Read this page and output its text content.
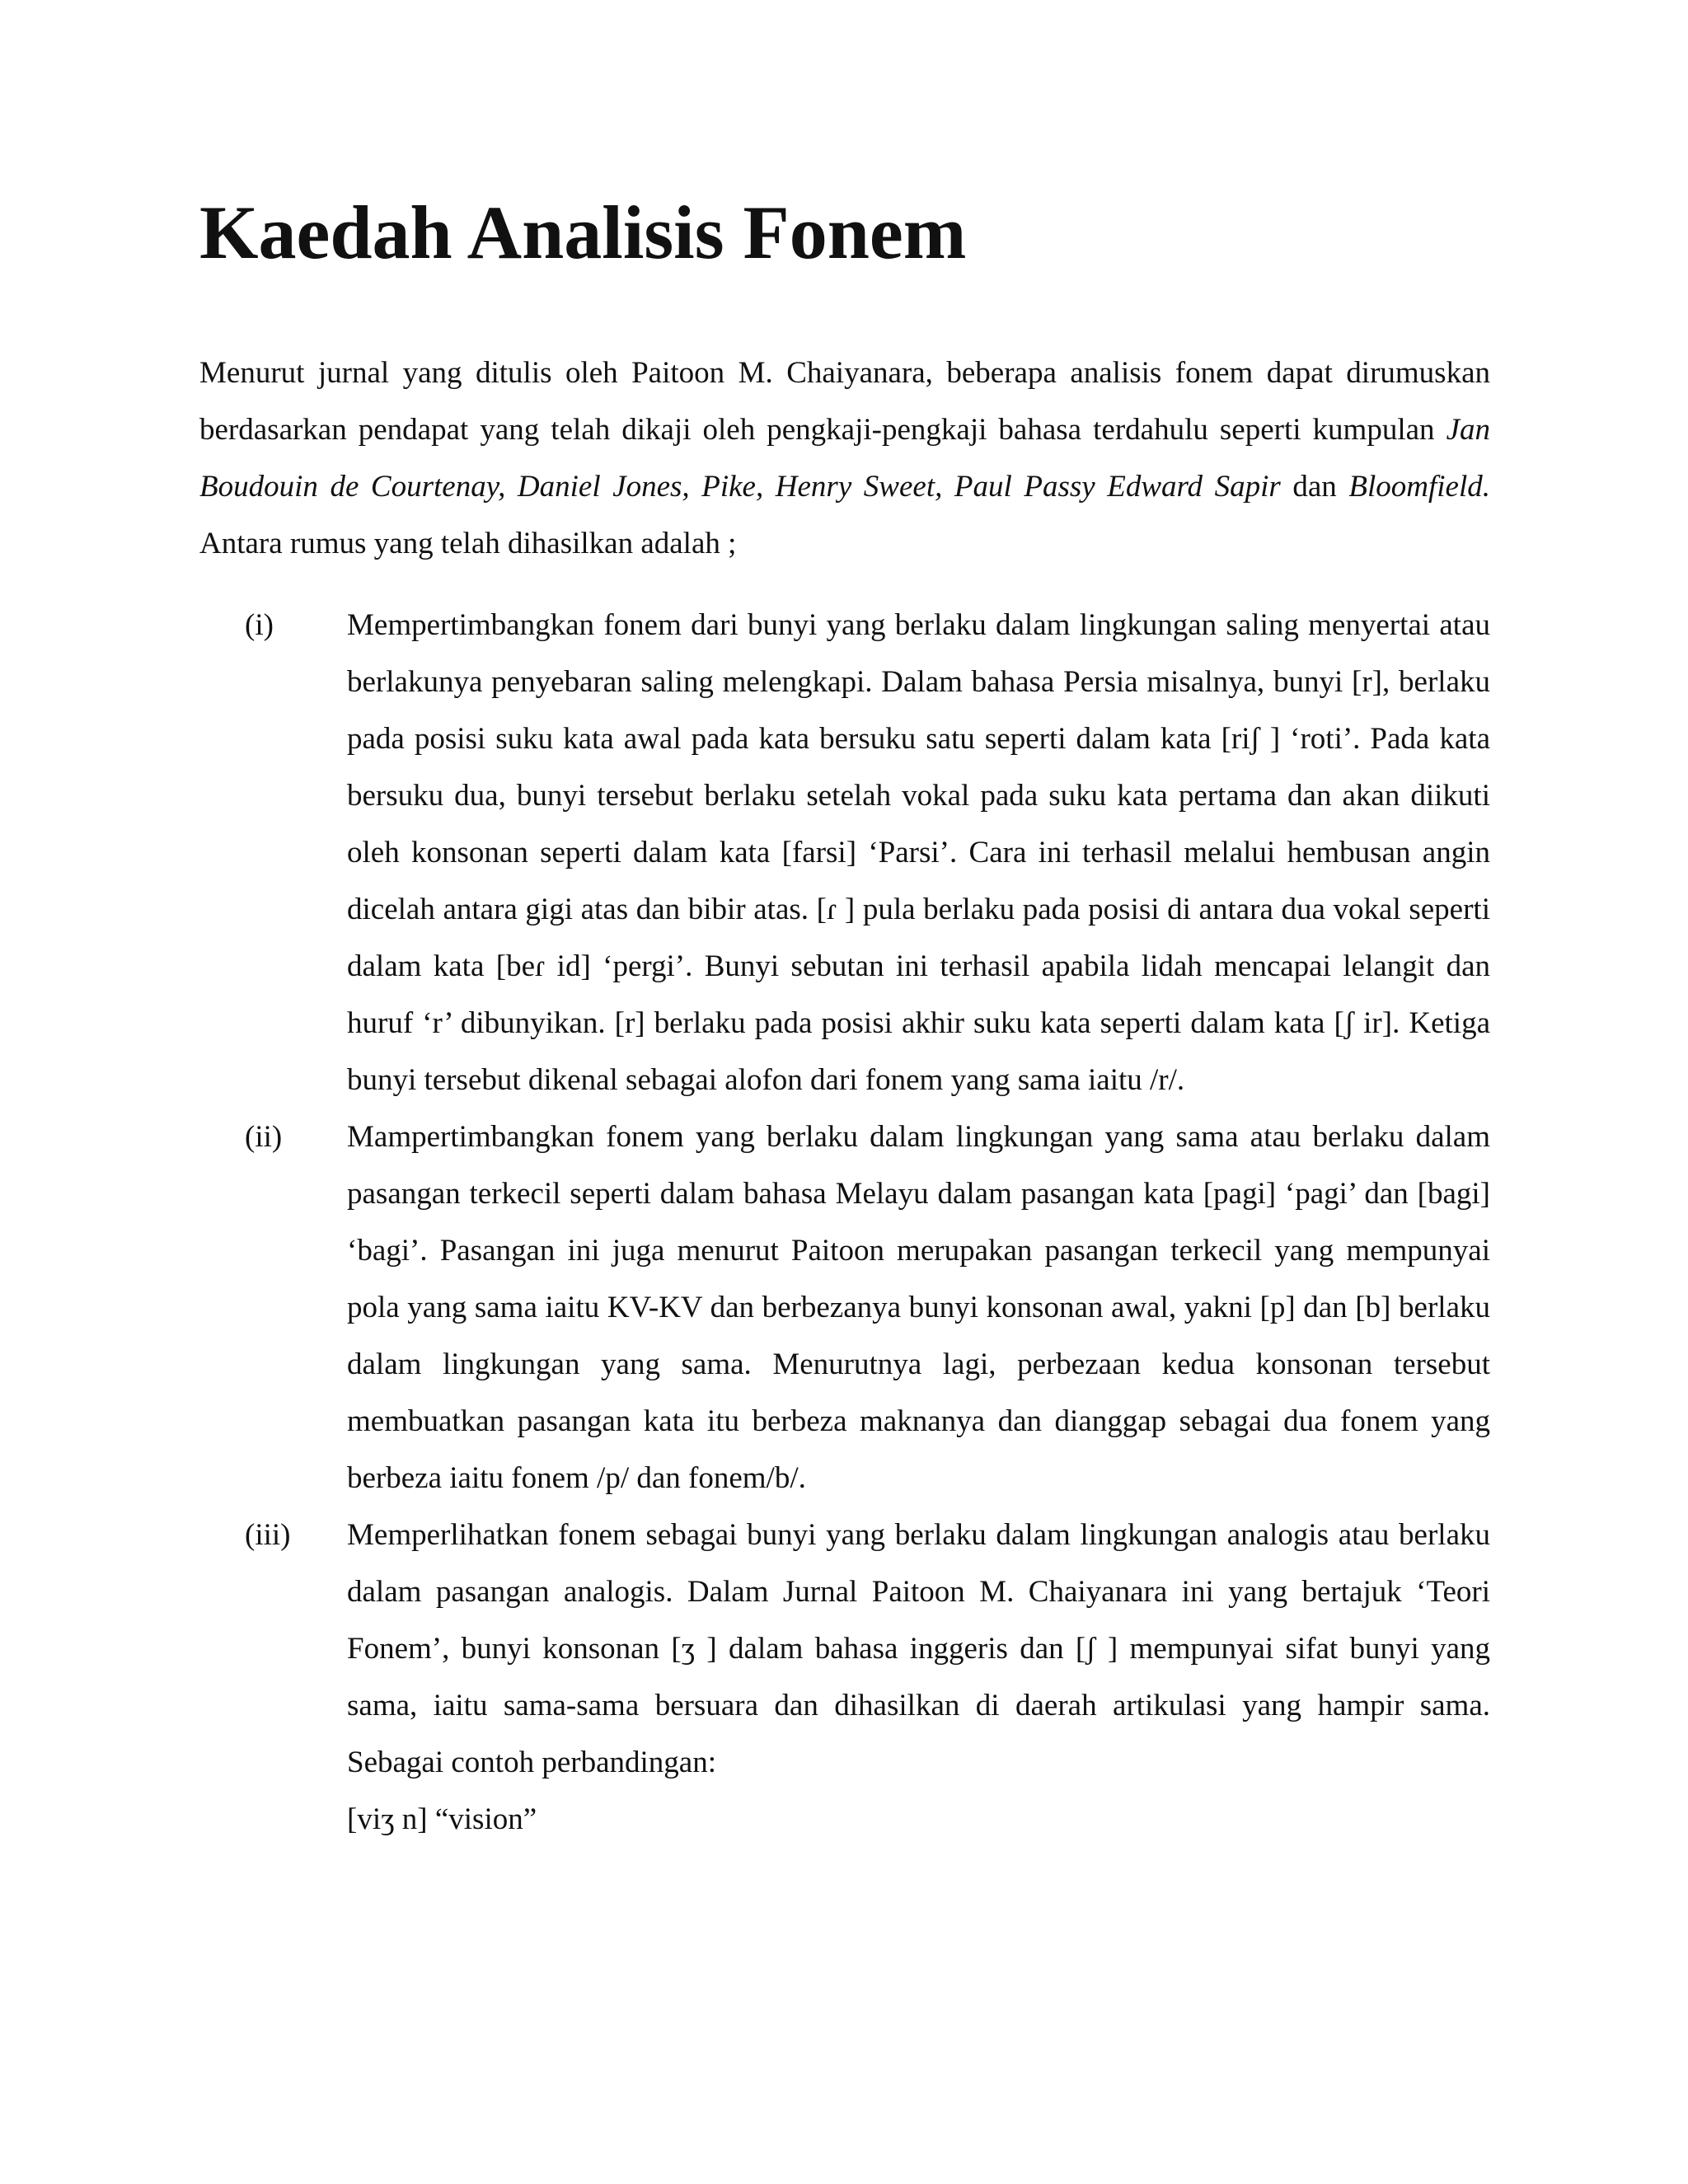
Kaedah Analisis Fonem

Menurut jurnal yang ditulis oleh Paitoon M. Chaiyanara, beberapa analisis fonem dapat dirumuskan berdasarkan pendapat yang telah dikaji oleh pengkaji-pengkaji bahasa terdahulu seperti kumpulan Jan Boudouin de Courtenay, Daniel Jones, Pike, Henry Sweet, Paul Passy Edward Sapir dan Bloomfield. Antara rumus yang telah dihasilkan adalah ;

(i) Mempertimbangkan fonem dari bunyi yang berlaku dalam lingkungan saling menyertai atau berlakunya penyebaran saling melengkapi. Dalam bahasa Persia misalnya, bunyi [r], berlaku pada posisi suku kata awal pada kata bersuku satu seperti dalam kata [riʃ ] ‘roti’. Pada kata bersuku dua, bunyi tersebut berlaku setelah vokal pada suku kata pertama dan akan diikuti oleh konsonan seperti dalam kata [farsi] ‘Parsi’. Cara ini terhasil melalui hembusan angin dicelah antara gigi atas dan bibir atas. [ɾ ] pula berlaku pada posisi di antara dua vokal seperti dalam kata [beɾ id] ‘pergi’. Bunyi sebutan ini terhasil apabila lidah mencapai lelangit dan huruf ‘r’ dibunyikan. [r] berlaku pada posisi akhir suku kata seperti dalam kata [ʃ ir]. Ketiga bunyi tersebut dikenal sebagai alofon dari fonem yang sama iaitu /r/.
(ii) Mampertimbangkan fonem yang berlaku dalam lingkungan yang sama atau berlaku dalam pasangan terkecil seperti dalam bahasa Melayu dalam pasangan kata [pagi] ‘pagi’ dan [bagi] ‘bagi’. Pasangan ini juga menurut Paitoon merupakan pasangan terkecil yang mempunyai pola yang sama iaitu KV-KV dan berbezanya bunyi konsonan awal, yakni [p] dan [b] berlaku dalam lingkungan yang sama. Menurutnya lagi, perbezaan kedua konsonan tersebut membuatkan pasangan kata itu berbeza maknanya dan dianggap sebagai dua fonem yang berbeza iaitu fonem /p/ dan fonem/b/.
(iii) Memperlihatkan fonem sebagai bunyi yang berlaku dalam lingkungan analogis atau berlaku dalam pasangan analogis. Dalam Jurnal Paitoon M. Chaiyanara ini yang bertajuk ‘Teori Fonem’, bunyi konsonan [ʒ ] dalam bahasa inggeris dan [ʃ ] mempunyai sifat bunyi yang sama, iaitu sama-sama bersuara dan dihasilkan di daerah artikulasi yang hampir sama. Sebagai contoh perbandingan:
[viʒ n] “vision”
